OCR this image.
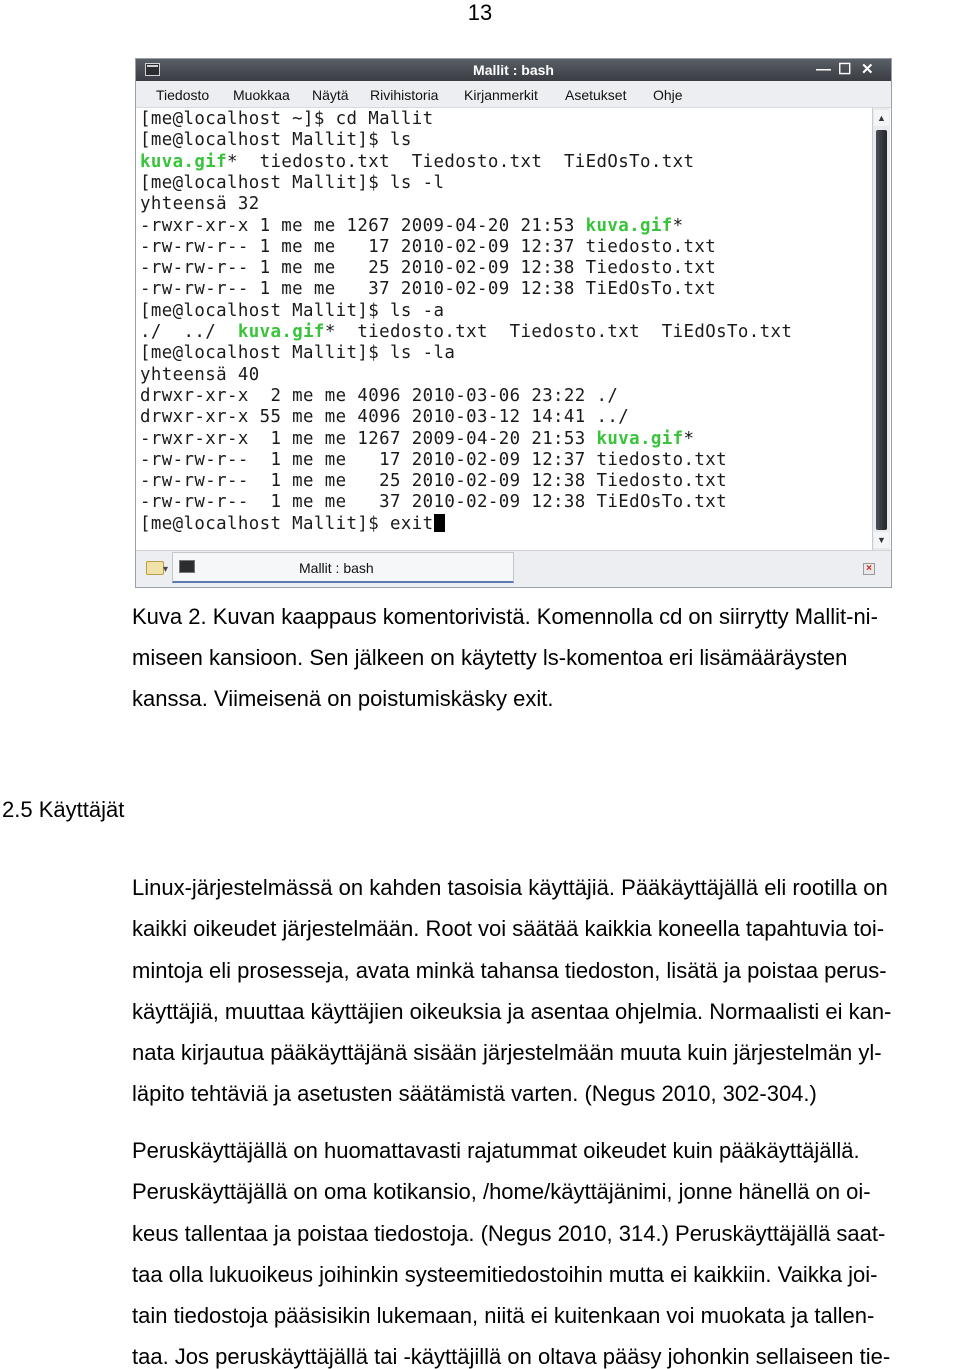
13
Mallit : bash	— ☐ ✕
Tiedosto Muokkaa Näytä Rivihistoria Kirjanmerkit Asetukset Ohje
[me@localhost ~]$ cd Mallit
[me@localhost Mallit]$ ls
kuva.gif*  tiedosto.txt  Tiedosto.txt  TiEdOsTo.txt
[me@localhost Mallit]$ ls -l
yhteensä 32
-rwxr-xr-x 1 me me 1267 2009-04-20 21:53 kuva.gif*
-rw-rw-r-- 1 me me   17 2010-02-09 12:37 tiedosto.txt
-rw-rw-r-- 1 me me   25 2010-02-09 12:38 Tiedosto.txt
-rw-rw-r-- 1 me me   37 2010-02-09 12:38 TiEdOsTo.txt
[me@localhost Mallit]$ ls -a
./  ../  kuva.gif*  tiedosto.txt  Tiedosto.txt  TiEdOsTo.txt
[me@localhost Mallit]$ ls -la
yhteensä 40
drwxr-xr-x  2 me me 4096 2010-03-06 23:22 ./
drwxr-xr-x 55 me me 4096 2010-03-12 14:41 ../
-rwxr-xr-x  1 me me 1267 2009-04-20 21:53 kuva.gif*
-rw-rw-r--  1 me me   17 2010-02-09 12:37 tiedosto.txt
-rw-rw-r--  1 me me   25 2010-02-09 12:38 Tiedosto.txt
-rw-rw-r--  1 me me   37 2010-02-09 12:38 TiEdOsTo.txt
[me@localhost Mallit]$ exit
▲
▼
▾
Mallit : bash	×
Kuva 2. Kuvan kaappaus komentorivistä. Komennolla cd on siirrytty Mallit-ni-
miseen kansioon. Sen jälkeen on käytetty ls-komentoa eri lisämääräysten
kanssa. Viimeisenä on poistumiskäsky exit.
2.5 Käyttäjät
Linux-järjestelmässä on kahden tasoisia käyttäjiä. Pääkäyttäjällä eli rootilla on
kaikki oikeudet järjestelmään. Root voi säätää kaikkia koneella tapahtuvia toi-
mintoja eli prosesseja, avata minkä tahansa tiedoston, lisätä ja poistaa perus-
käyttäjiä, muuttaa käyttäjien oikeuksia ja asentaa ohjelmia. Normaalisti ei kan-
nata kirjautua pääkäyttäjänä sisään järjestelmään muuta kuin järjestelmän yl-
läpito tehtäviä ja asetusten säätämistä varten. (Negus 2010, 302-304.)
Peruskäyttäjällä on huomattavasti rajatummat oikeudet kuin pääkäyttäjällä.
Peruskäyttäjällä on oma kotikansio, /home/käyttäjänimi, jonne hänellä on oi-
keus tallentaa ja poistaa tiedostoja. (Negus 2010, 314.) Peruskäyttäjällä saat-
taa olla lukuoikeus joihinkin systeemitiedostoihin mutta ei kaikkiin. Vaikka joi-
tain tiedostoja pääsisikin lukemaan, niitä ei kuitenkaan voi muokata ja tallen-
taa. Jos peruskäyttäjällä tai -käyttäjillä on oltava pääsy johonkin sellaiseen tie-
